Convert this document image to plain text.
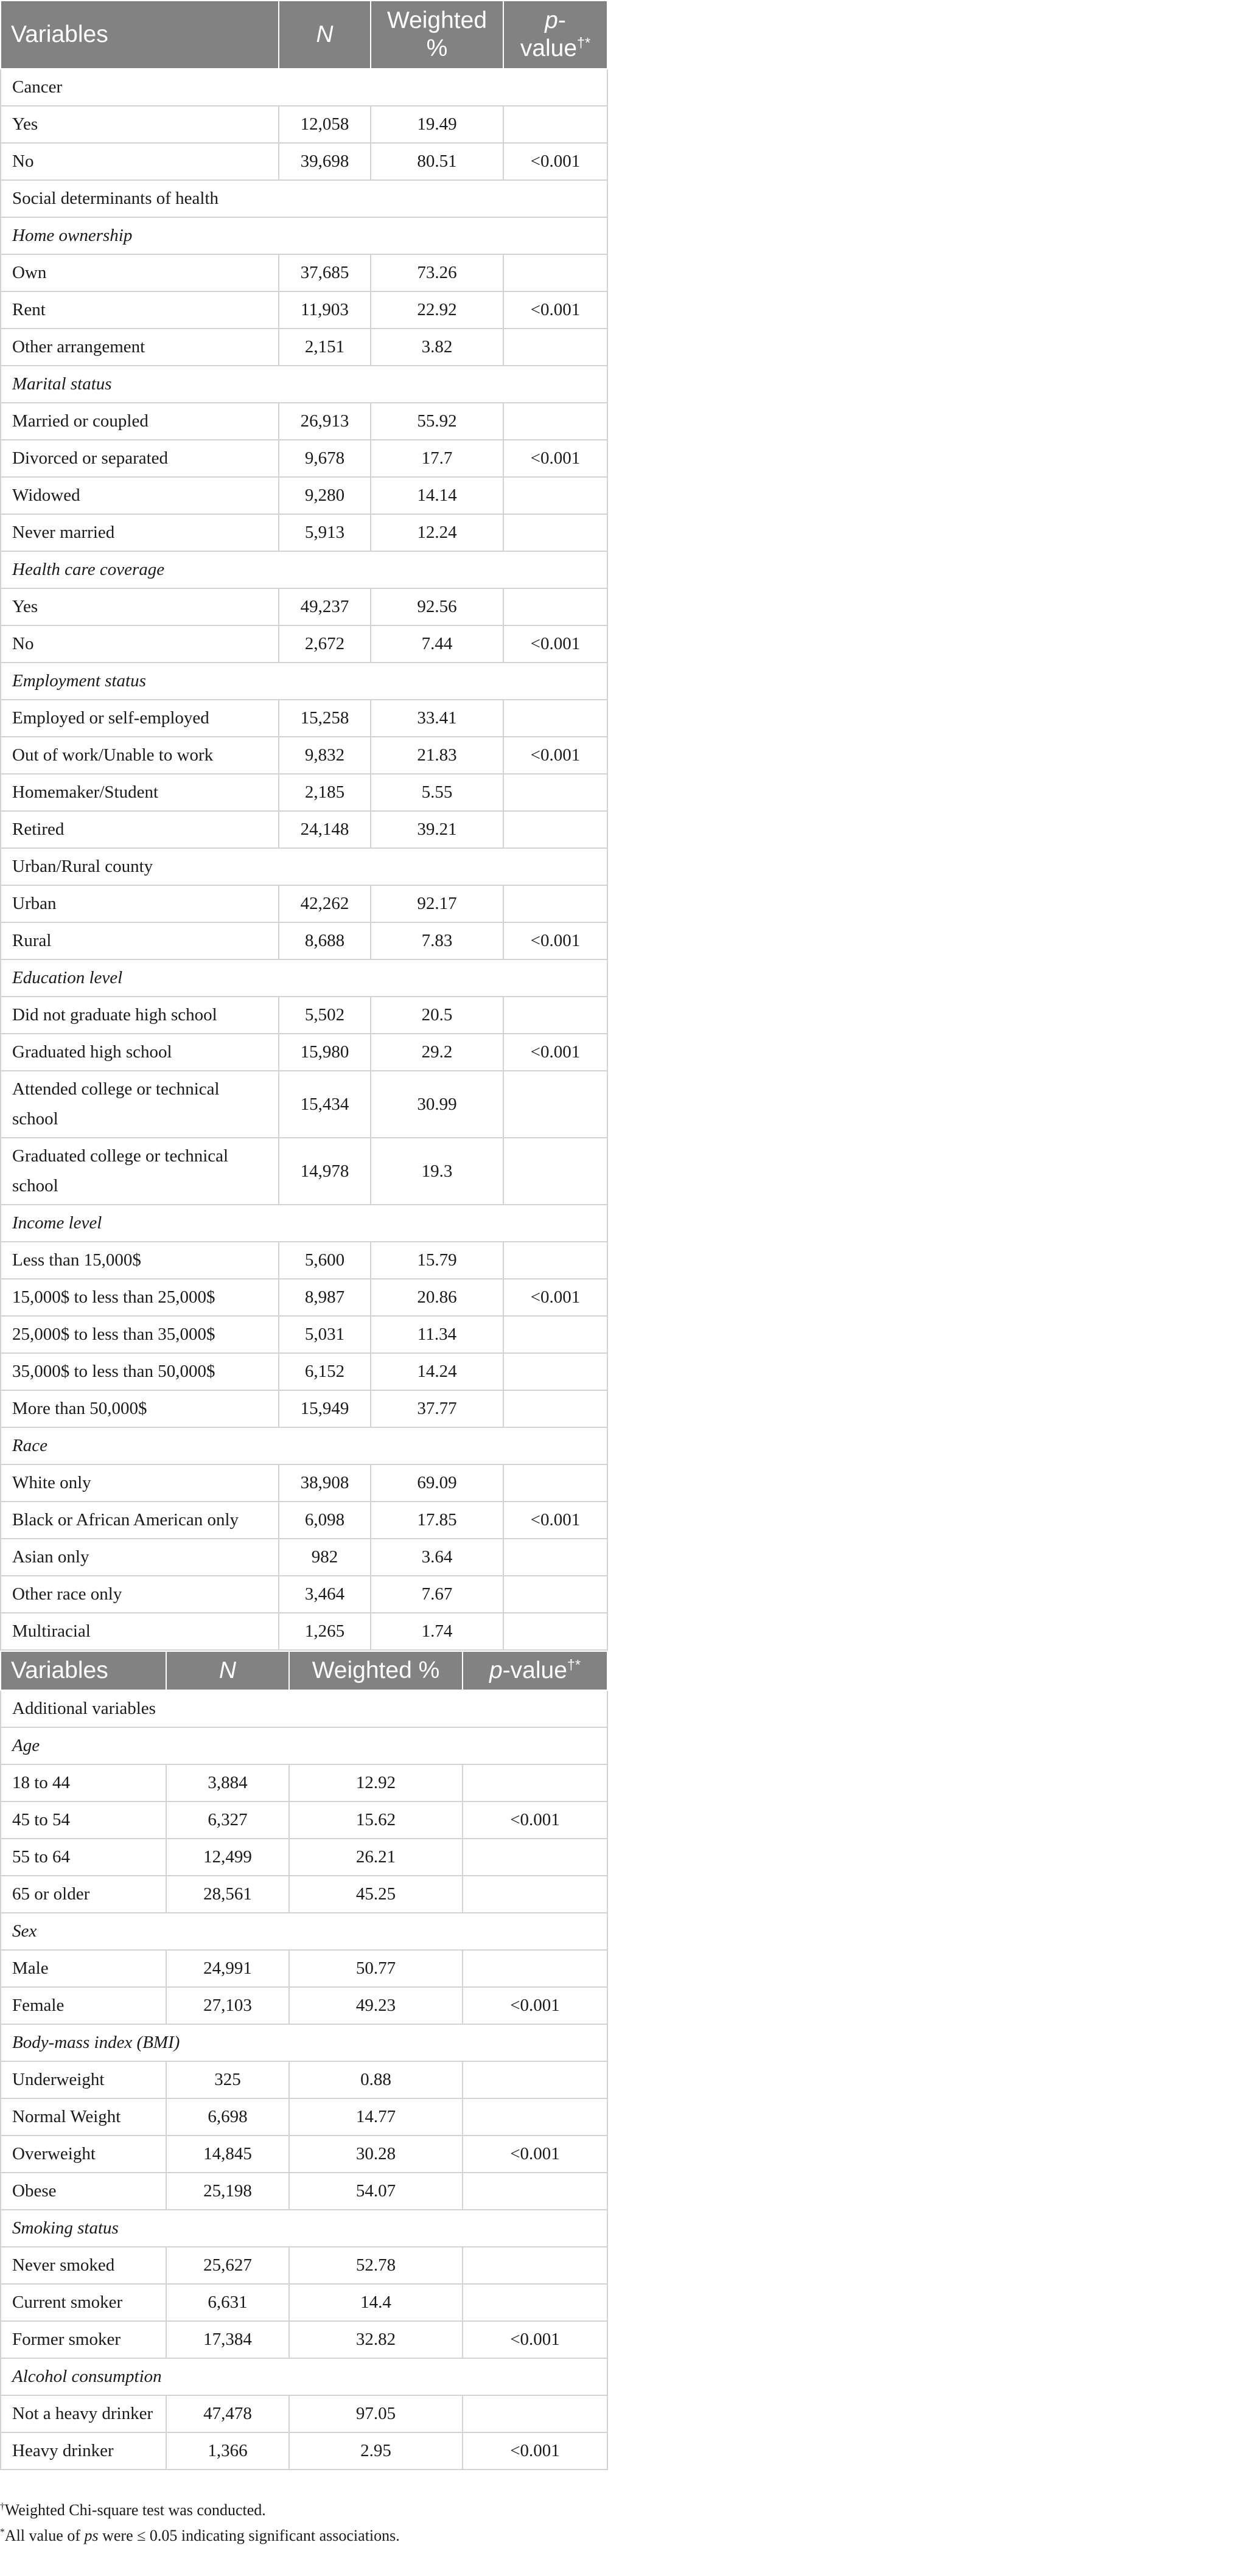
Variables	N	Weighted %	p-value†*
Cancer			
Yes	12,058	19.49	
No	39,698	80.51	<0.001
Social determinants of health			
Home ownership			
Own	37,685	73.26	
Rent	11,903	22.92	<0.001
Other arrangement	2,151	3.82	
Marital status			
Married or coupled	26,913	55.92	
Divorced or separated	9,678	17.7	<0.001
Widowed	9,280	14.14	
Never married	5,913	12.24	
Health care coverage			
Yes	49,237	92.56	
No	2,672	7.44	<0.001
Employment status			
Employed or self-employed	15,258	33.41	
Out of work/Unable to work	9,832	21.83	<0.001
Homemaker/Student	2,185	5.55	
Retired	24,148	39.21	
Urban/Rural county			
Urban	42,262	92.17	
Rural	8,688	7.83	<0.001
Education level			
Did not graduate high school	5,502	20.5	
Graduated high school	15,980	29.2	<0.001
Attended college or technical school	15,434	30.99	
Graduated college or technical school	14,978	19.3	
Income level			
Less than 15,000$	5,600	15.79	
15,000$ to less than 25,000$	8,987	20.86	<0.001
25,000$ to less than 35,000$	5,031	11.34	
35,000$ to less than 50,000$	6,152	14.24	
More than 50,000$	15,949	37.77	
Race			
White only	38,908	69.09	
Black or African American only	6,098	17.85	<0.001
Asian only	982	3.64	
Other race only	3,464	7.67	
Multiracial	1,265	1.74	
Variables	N	Weighted %	p-value†*
Additional variables			
Age			
18 to 44	3,884	12.92	
45 to 54	6,327	15.62	<0.001
55 to 64	12,499	26.21	
65 or older	28,561	45.25	
Sex			
Male	24,991	50.77	
Female	27,103	49.23	<0.001
Body-mass index (BMI)			
Underweight	325	0.88	
Normal Weight	6,698	14.77	
Overweight	14,845	30.28	<0.001
Obese	25,198	54.07	
Smoking status			
Never smoked	25,627	52.78	
Current smoker	6,631	14.4	
Former smoker	17,384	32.82	<0.001
Alcohol consumption			
Not a heavy drinker	47,478	97.05	
Heavy drinker	1,366	2.95	<0.001
†Weighted Chi-square test was conducted.
*All value of ps were ≤ 0.05 indicating significant associations.
